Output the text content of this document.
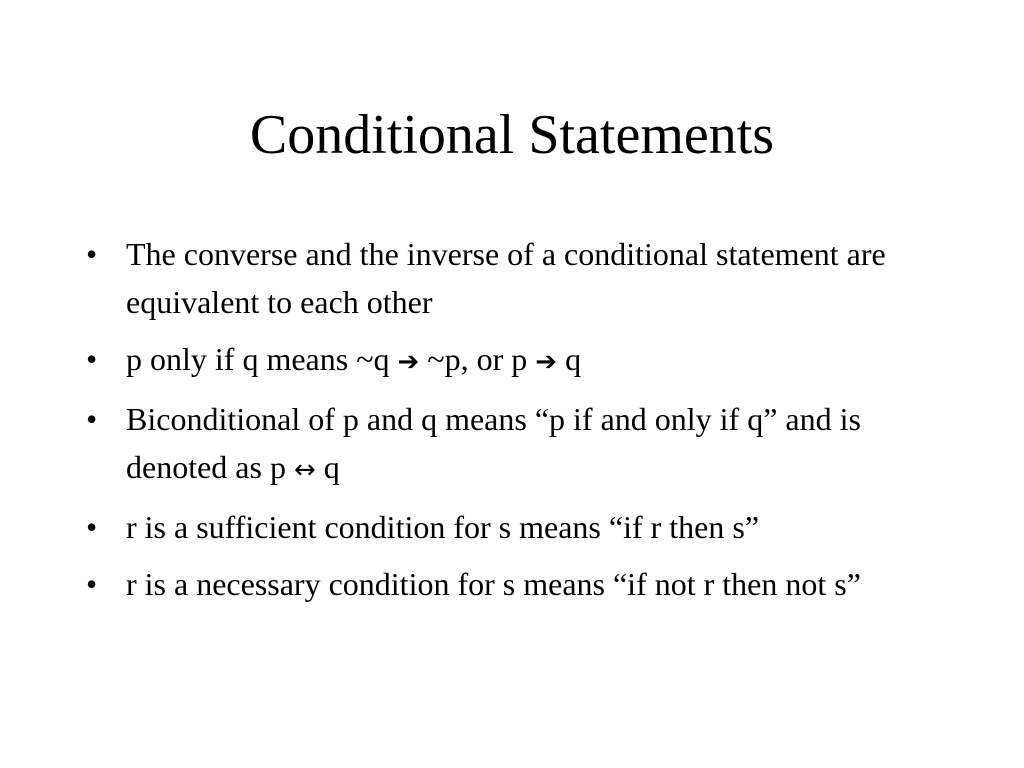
Conditional Statements
• The converse and the inverse of a conditional statement are equivalent to each other
• p only if q means ~q ➔ ~p, or p ➔ q
• Biconditional of p and q means “p if and only if q” and is denoted as p ↔ q
• r is a sufficient condition for s means “if r then s”
• r is a necessary condition for s means “if not r then not s”
